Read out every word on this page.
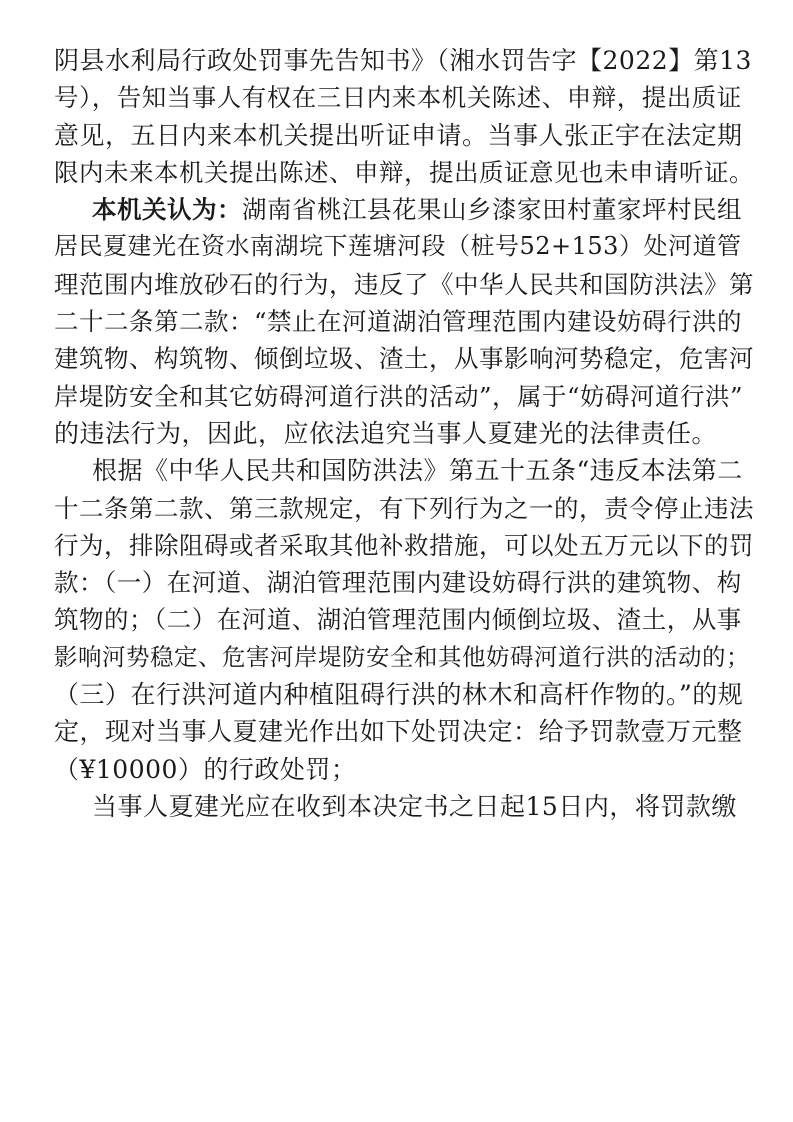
阴县水利局行政处罚事先告知书》（湘水罚告字【2022】第13
号），告知当事人有权在三日内来本机关陈述、申辩，提出质证
意见，五日内来本机关提出听证申请。当事人张正宇在法定期
限内未来本机关提出陈述、申辩，提出质证意见也未申请听证。
本机关认为：湖南省桃江县花果山乡漆家田村董家坪村民组
居民夏建光在资水南湖垸下莲塘河段（桩号52+153）处河道管
理范围内堆放砂石的行为，违反了《中华人民共和国防洪法》第
二十二条第二款：“禁止在河道湖泊管理范围内建设妨碍行洪的
建筑物、构筑物、倾倒垃圾、渣土，从事影响河势稳定，危害河
岸堤防安全和其它妨碍河道行洪的活动”，属于“妨碍河道行洪”
的违法行为，因此，应依法追究当事人夏建光的法律责任。
根据《中华人民共和国防洪法》第五十五条“违反本法第二
十二条第二款、第三款规定，有下列行为之一的，责令停止违法
行为，排除阻碍或者采取其他补救措施，可以处五万元以下的罚
款：（一）在河道、湖泊管理范围内建设妨碍行洪的建筑物、构
筑物的；（二）在河道、湖泊管理范围内倾倒垃圾、渣土，从事
影响河势稳定、危害河岸堤防安全和其他妨碍河道行洪的活动的；
（三）在行洪河道内种植阻碍行洪的林木和高杆作物的。”的规
定，现对当事人夏建光作出如下处罚决定：给予罚款壹万元整
（¥10000）的行政处罚；
当事人夏建光应在收到本决定书之日起15日内，将罚款缴
